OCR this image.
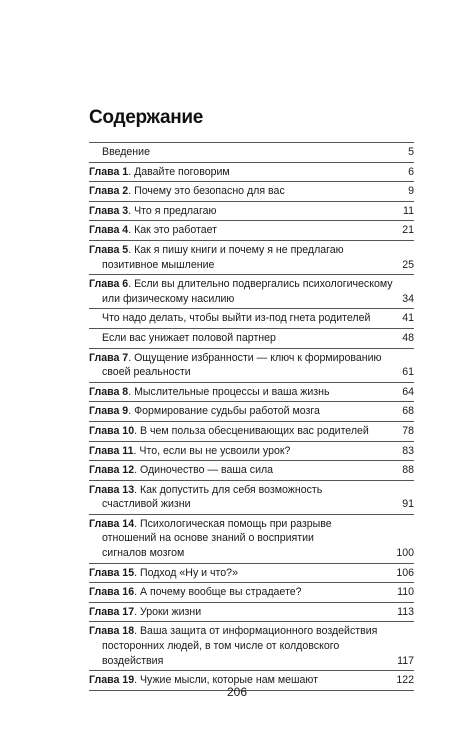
Содержание
Введение	5
Глава 1. Давайте поговорим	6
Глава 2. Почему это безопасно для вас	9
Глава 3. Что я предлагаю	11
Глава 4. Как это работает	21
Глава 5. Как я пишу книги и почему я не предлагаю
позитивное мышление	25
Глава 6. Если вы длительно подвергались психологическому
или физическому насилию	34
Что надо делать, чтобы выйти из-под гнета родителей	41
Если вас унижает половой партнер	48
Глава 7. Ощущение избранности — ключ к формированию
своей реальности	61
Глава 8. Мыслительные процессы и ваша жизнь	64
Глава 9. Формирование судьбы работой мозга	68
Глава 10. В чем польза обесценивающих вас родителей	78
Глава 11. Что, если вы не усвоили урок?	83
Глава 12. Одиночество — ваша сила	88
Глава 13. Как допустить для себя возможность
счастливой жизни	91
Глава 14. Психологическая помощь при разрыве
отношений на основе знаний о восприятии
сигналов мозгом	100
Глава 15. Подход «Ну и что?»	106
Глава 16. А почему вообще вы страдаете?	110
Глава 17. Уроки жизни	113
Глава 18. Ваша защита от информационного воздействия
посторонних людей, в том числе от колдовского
воздействия	117
Глава 19. Чужие мысли, которые нам мешают	122
206
